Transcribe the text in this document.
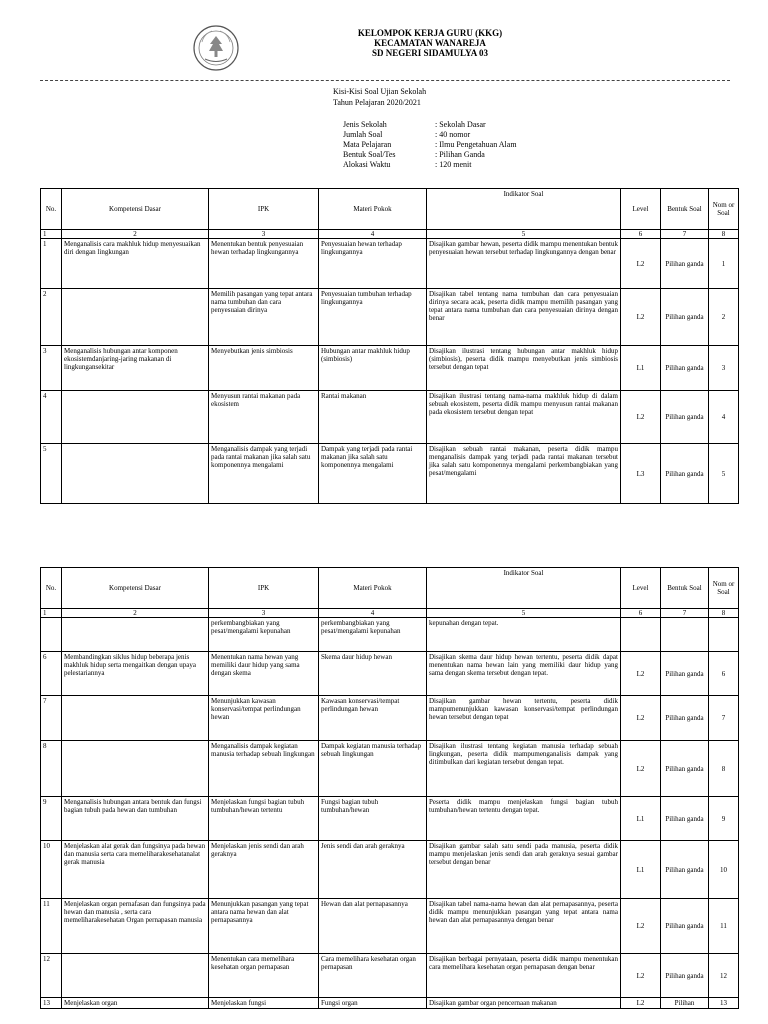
KELOMPOK KERJA GURU (KKG)
KECAMATAN WANAREJA
SD NEGERI SIDAMULYA 03
Kisi-Kisi Soal Ujian Sekolah
Tahun Pelajaran 2020/2021
Jenis Sekolah	: Sekolah Dasar
Jumlah Soal	: 40 nomor
Mata Pelajaran	: Ilmu Pengetahuan Alam
Bentuk Soal/Tes	: Pilihan Ganda
Alokasi Waktu	: 120 menit
No.	Kompetensi Dasar	IPK	Materi Pokok	Indikator Soal	Level	Bentuk Soal	Nom or Soal
1	2	3	4	5	6	7	8
1	Menganalisis cara makhluk hidup menyesuaikan diri dengan lingkungan	Menentukan bentuk penyesuaian hewan terhadap lingkungannya	Penyesuaian hewan terhadap lingkungannya	Disajikan gambar hewan, peserta didik mampu menentukan bentuk penyesuaian hewan tersebut terhadap lingkungannya dengan benar	L2	Pilihan ganda	1
2		Memilih pasangan yang tepat antara nama tumbuhan dan cara penyesuaian dirinya	Penyesuaian tumbuhan terhadap lingkungannya	Disajikan tabel tentang nama tumbuhan dan cara penyesuaian dirinya secara acak, peserta didik mampu memilih pasangan yang tepat antara nama tumbuhan dan cara penyesuaian dirinya dengan benar	L2	Pilihan ganda	2
3	Menganalisis hubungan antar komponen ekosistemdanjaring-jaring makanan di lingkungansekitar	Menyebutkan jenis simbiosis	Hubungan antar makhluk hidup (simbiosis)	Disajikan ilustrasi tentang hubungan antar makhluk hidup (simbiosis), peserta didik mampu menyebutkan jenis simbiosis tersebut dengan tepat	L1	Pilihan ganda	3
4		Menyusun rantai makanan pada ekosistem	Rantai makanan	Disajikan ilustrasi tentang nama-nama makhluk hidup di dalam sebuah ekosistem, peserta didik mampu menyusun rantai makanan pada ekosistem tersebut dengan tepat	L2	Pilihan ganda	4
5		Menganalisis dampak yang terjadi pada rantai makanan jika salah satu komponennya mengalami	Dampak yang terjadi pada rantai makanan jika salah satu komponennya mengalami	Disajikan sebuah rantai makanan, peserta didik mampu menganalisis dampak yang terjadi pada rantai makanan tersebut jika salah satu komponennya mengalami perkembangbiakan yang pesat/mengalami	L3	Pilihan ganda	5
No.	Kompetensi Dasar	IPK	Materi Pokok	Indikator Soal	Level	Bentuk Soal	Nom or Soal
1	2	3	4	5	6	7	8
		perkembangbiakan yang pesat/mengalami kepunahan	perkembangbiakan yang pesat/mengalami kepunahan	kepunahan dengan tepat.			
6	Membandingkan siklus hidup beberapa jenis makhluk hidup serta mengaitkan dengan upaya pelestariannya	Menentukan nama hewan yang memiliki daur hidup yang sama dengan skema	Skema daur hidup hewan	Disajikan skema daur hidup hewan tertentu, peserta didik dapat menentukan nama hewan lain yang memiliki daur hidup yang sama dengan skema tersebut dengan tepat.	L2	Pilihan ganda	6
7		Menunjukkan kawasan konservasi/tempat perlindungan hewan	Kawasan konservasi/tempat perlindungan hewan	Disajikan gambar hewan tertentu, peserta didik mampumenunjukkan kawasan konservasi/tempat perlindungan hewan tersebut dengan tepat	L2	Pilihan ganda	7
8		Menganalisis dampak kegiatan manusia terhadap sebuah lingkungan	Dampak kegiatan manusia terhadap sebuah lingkungan	Disajikan ilustrasi tentang kegiatan manusia terhadap sebuah lingkungan, peserta didik mampumenganalisis dampak yang ditimbulkan dari kegiatan tersebut dengan tepat.	L2	Pilihan ganda	8
9	Menganalisis hubungan antara bentuk dan fungsi bagian tubuh pada hewan dan tumbuhan	Menjelaskan fungsi bagian tubuh tumbuhan/hewan tertentu	Fungsi bagian tubuh tumbuhan/hewan	Peserta didik mampu menjelaskan fungsi bagian tubuh tumbuhan/hewan tertentu dengan tepat.	L1	Pilihan ganda	9
10	Menjelaskan alat gerak dan fungsinya pada hewan dan manusia serta cara memeliharakesehatanalat gerak manusia	Menjelaskan jenis sendi dan arah geraknya	Jenis sendi dan arah geraknya	Disajikan gambar salah satu sendi pada manusia, peserta didik mampu menjelaskan jenis sendi dan arah geraknya sesuai gambar tersebut dengan benar	L1	Pilihan ganda	10
11	Menjelaskan organ pernafasan dan fungsinya pada hewan dan manusia , serta cara memeliharakesehatan Organ pernapasan manusia	Menunjukkan pasangan yang tepat antara nama hewan dan alat pernapasannya	Hewan dan alat pernapasannya	Disajikan tabel nama-nama hewan dan alat pernapasannya, peserta didik mampu menunjukkan pasangan yang tepat antara nama hewan dan alat pernapasannya dengan benar	L2	Pilihan ganda	11
12		Menentukan cara memelihara kesehatan organ pernapasan	Cara memelihara kesehatan organ pernapasan	Disajikan berbagai pernyataan, peserta didik mampu menentukan cara memelihara kesehatan organ pernapasan dengan benar	L2	Pilihan ganda	12
13	Menjelaskan organ	Menjelaskan fungsi	Fungsi organ	Disajikan gambar organ pencernaan makanan	L2	Pilihan	13
